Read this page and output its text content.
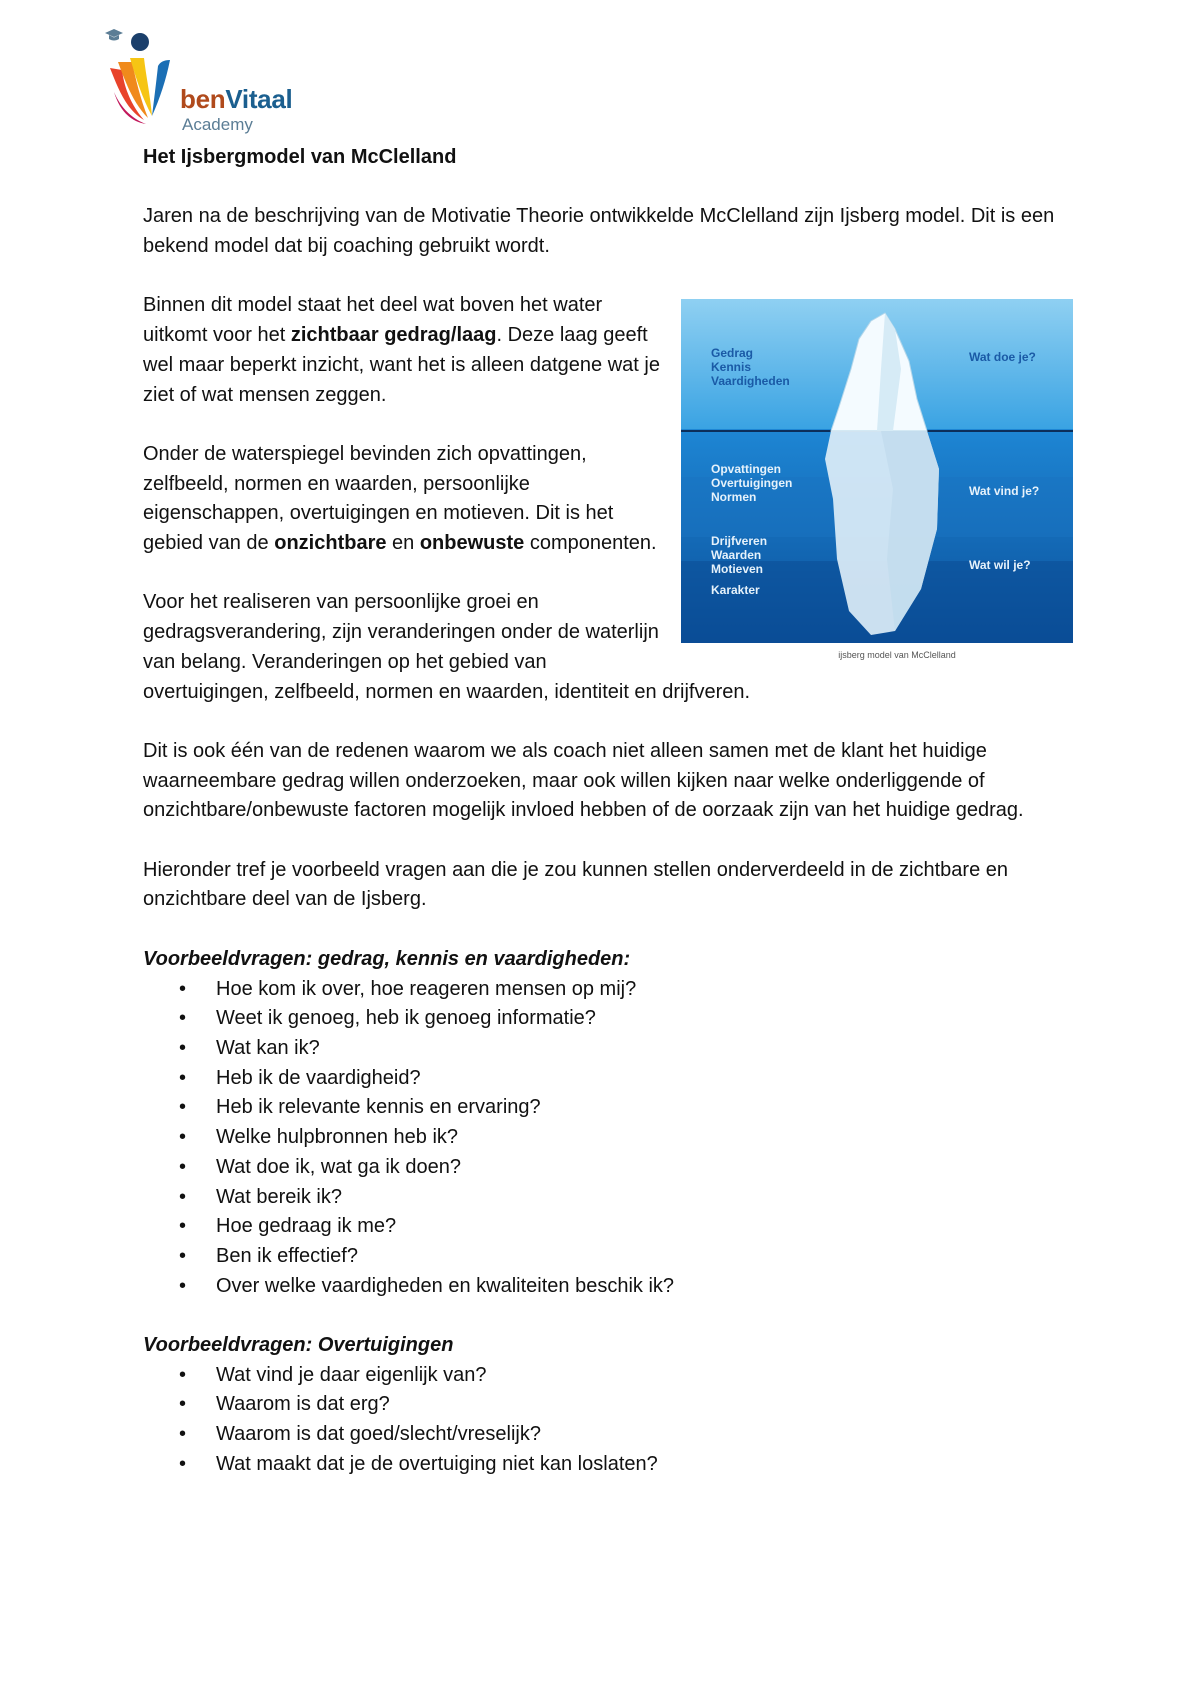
benVitaal
Academy

Het Ijsbergmodel van McClelland

Jaren na de beschrijving van de Motivatie Theorie ontwikkelde McClelland zijn Ijsberg model. Dit is een bekend model dat bij coaching gebruikt wordt.

Gedrag
Kennis
Vaardigheden
Wat doe je?
Opvattingen
Overtuigingen
Normen
Drijfveren
Waarden
Motieven
Karakter
Wat vind je?
Wat wil je?
ijsberg model van McClelland

Binnen dit model staat het deel wat boven het water uitkomt voor het zichtbaar gedrag/laag. Deze laag geeft wel maar beperkt inzicht, want het is alleen datgene wat je ziet of wat mensen zeggen.

Onder de waterspiegel bevinden zich opvattingen, zelfbeeld, normen en waarden, persoonlijke eigenschappen, overtuigingen en motieven. Dit is het gebied van de onzichtbare en onbewuste componenten.

Voor het realiseren van persoonlijke groei en gedragsverandering, zijn veranderingen onder de waterlijn van belang. Veranderingen op het gebied van overtuigingen, zelfbeeld, normen en waarden, identiteit en drijfveren.

Dit is ook één van de redenen waarom we als coach niet alleen samen met de klant het huidige waarneembare gedrag willen onderzoeken, maar ook willen kijken naar welke onderliggende of onzichtbare/onbewuste factoren mogelijk invloed hebben of de oorzaak zijn van het huidige gedrag.

Hieronder tref je voorbeeld vragen aan die je zou kunnen stellen onderverdeeld in de zichtbare en onzichtbare deel van de Ijsberg.

Voorbeeldvragen: gedrag, kennis en vaardigheden:

• Hoe kom ik over, hoe reageren mensen op mij?
• Weet ik genoeg, heb ik genoeg informatie?
• Wat kan ik?
• Heb ik de vaardigheid?
• Heb ik relevante kennis en ervaring?
• Welke hulpbronnen heb ik?
• Wat doe ik, wat ga ik doen?
• Wat bereik ik?
• Hoe gedraag ik me?
• Ben ik effectief?
• Over welke vaardigheden en kwaliteiten beschik ik?

Voorbeeldvragen: Overtuigingen

• Wat vind je daar eigenlijk van?
• Waarom is dat erg?
• Waarom is dat goed/slecht/vreselijk?
• Wat maakt dat je de overtuiging niet kan loslaten?
